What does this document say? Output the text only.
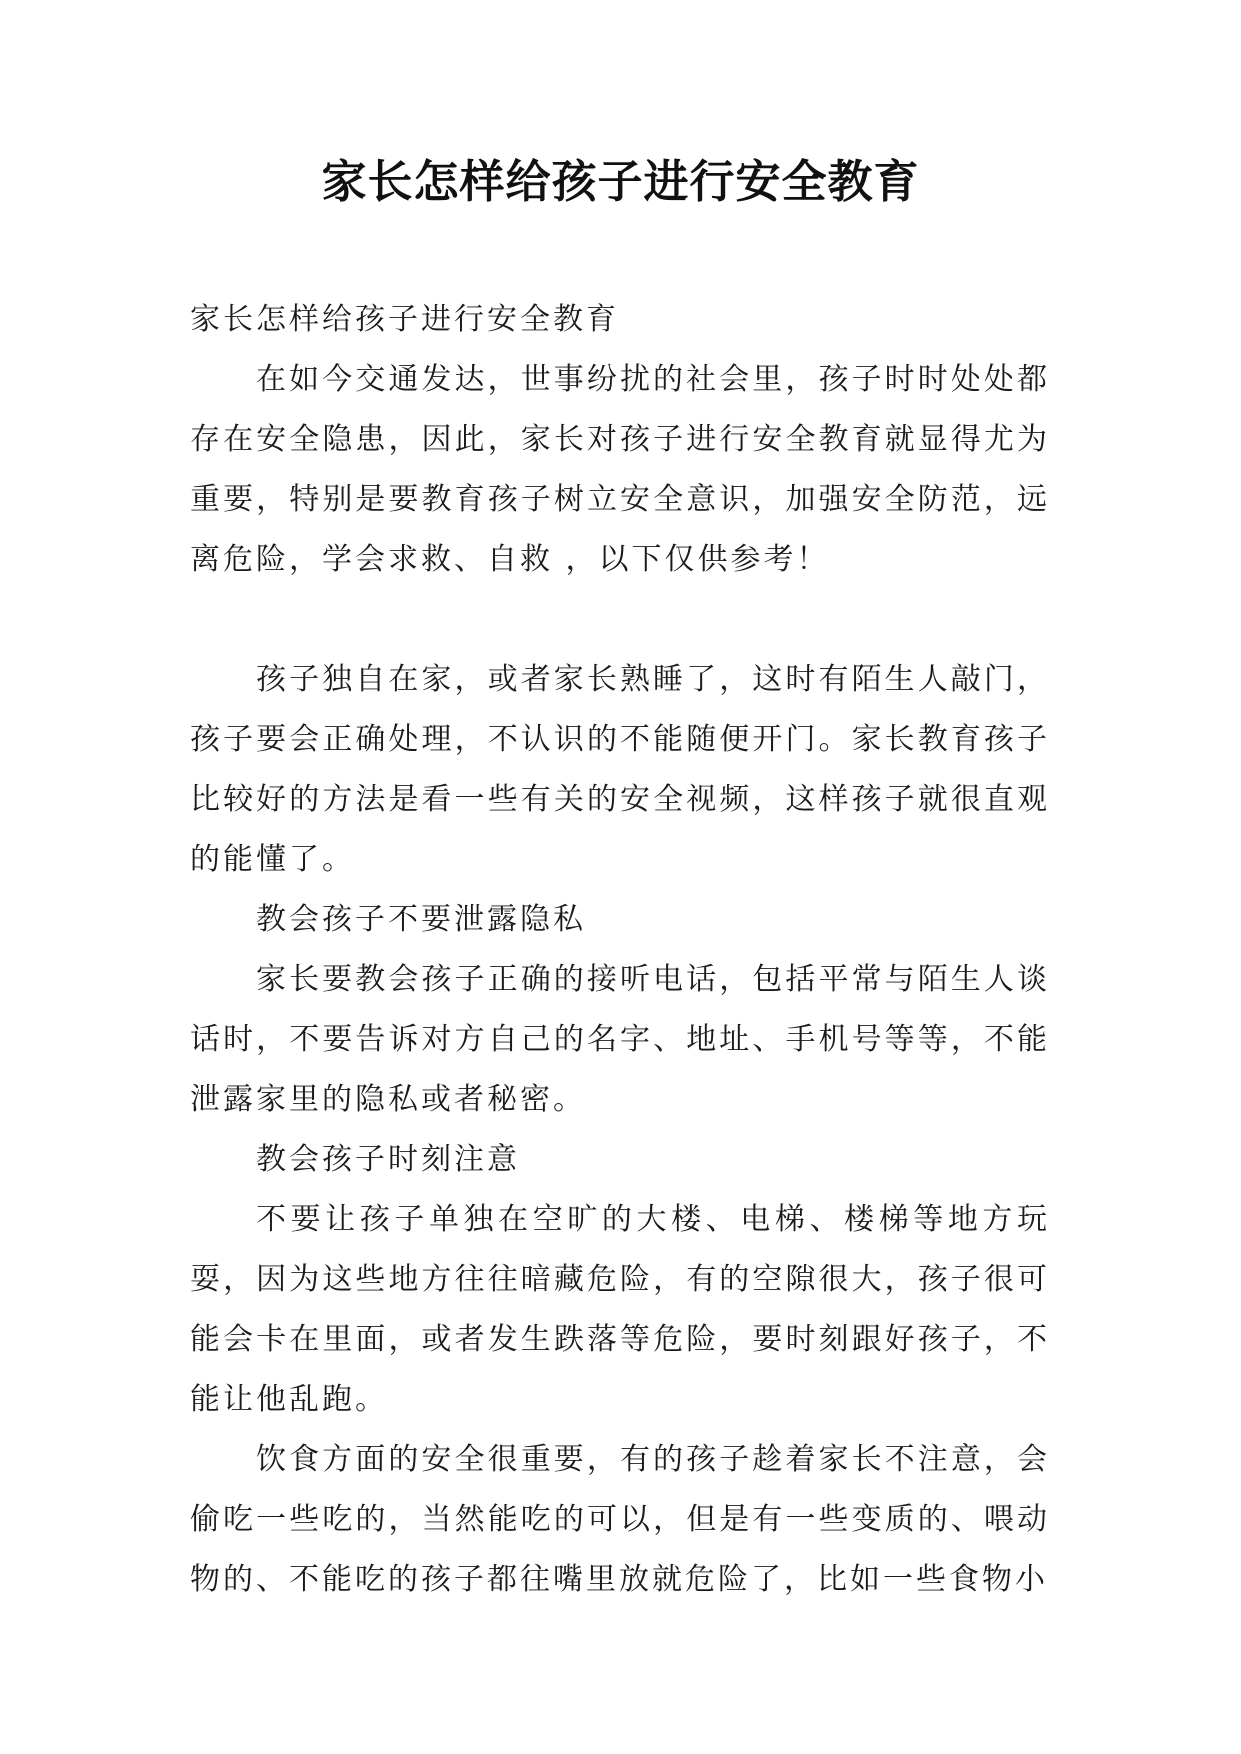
家长怎样给孩子进行安全教育

家长怎样给孩子进行安全教育

在如今交通发达，世事纷扰的社会里，孩子时时处处都存在安全隐患，因此，家长对孩子进行安全教育就显得尤为重要，特别是要教育孩子树立安全意识，加强安全防范，远离危险，学会求救、自救 ，以下仅供参考！

孩子独自在家，或者家长熟睡了，这时有陌生人敲门，孩子要会正确处理，不认识的不能随便开门。家长教育孩子比较好的方法是看一些有关的安全视频，这样孩子就很直观的能懂了。

教会孩子不要泄露隐私

家长要教会孩子正确的接听电话，包括平常与陌生人谈话时，不要告诉对方自己的名字、地址、手机号等等，不能泄露家里的隐私或者秘密。

教会孩子时刻注意

不要让孩子单独在空旷的大楼、电梯、楼梯等地方玩耍，因为这些地方往往暗藏危险，有的空隙很大，孩子很可能会卡在里面，或者发生跌落等危险，要时刻跟好孩子，不能让他乱跑。

饮食方面的安全很重要，有的孩子趁着家长不注意，会偷吃一些吃的，当然能吃的可以，但是有一些变质的、喂动物的、不能吃的孩子都往嘴里放就危险了，比如一些食物小
